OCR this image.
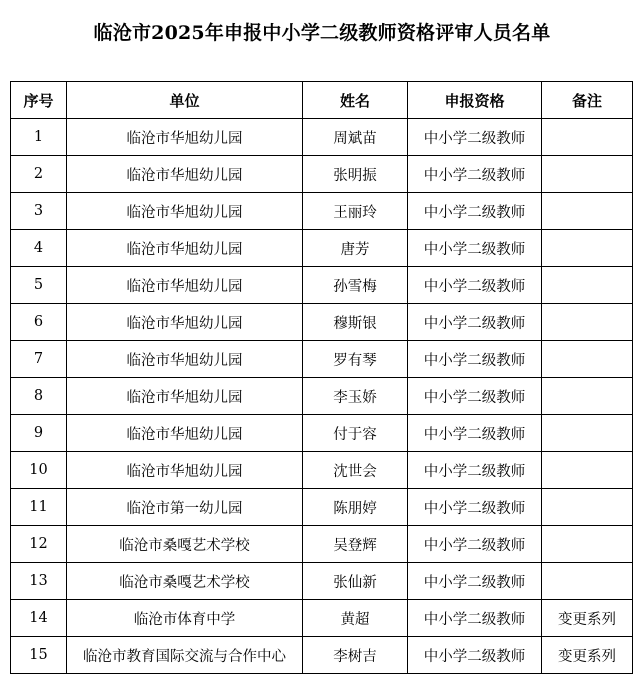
临沧市2025年申报中小学二级教师资格评审人员名单
序号	单位	姓名	申报资格	备注
1	临沧市华旭幼儿园	周斌苗	中小学二级教师	
2	临沧市华旭幼儿园	张明振	中小学二级教师	
3	临沧市华旭幼儿园	王丽玲	中小学二级教师	
4	临沧市华旭幼儿园	唐芳	中小学二级教师	
5	临沧市华旭幼儿园	孙雪梅	中小学二级教师	
6	临沧市华旭幼儿园	穆斯银	中小学二级教师	
7	临沧市华旭幼儿园	罗有琴	中小学二级教师	
8	临沧市华旭幼儿园	李玉娇	中小学二级教师	
9	临沧市华旭幼儿园	付于容	中小学二级教师	
10	临沧市华旭幼儿园	沈世会	中小学二级教师	
11	临沧市第一幼儿园	陈朋婷	中小学二级教师	
12	临沧市桑嘎艺术学校	吴登辉	中小学二级教师	
13	临沧市桑嘎艺术学校	张仙新	中小学二级教师	
14	临沧市体育中学	黄超	中小学二级教师	变更系列
15	临沧市教育国际交流与合作中心	李树吉	中小学二级教师	变更系列
